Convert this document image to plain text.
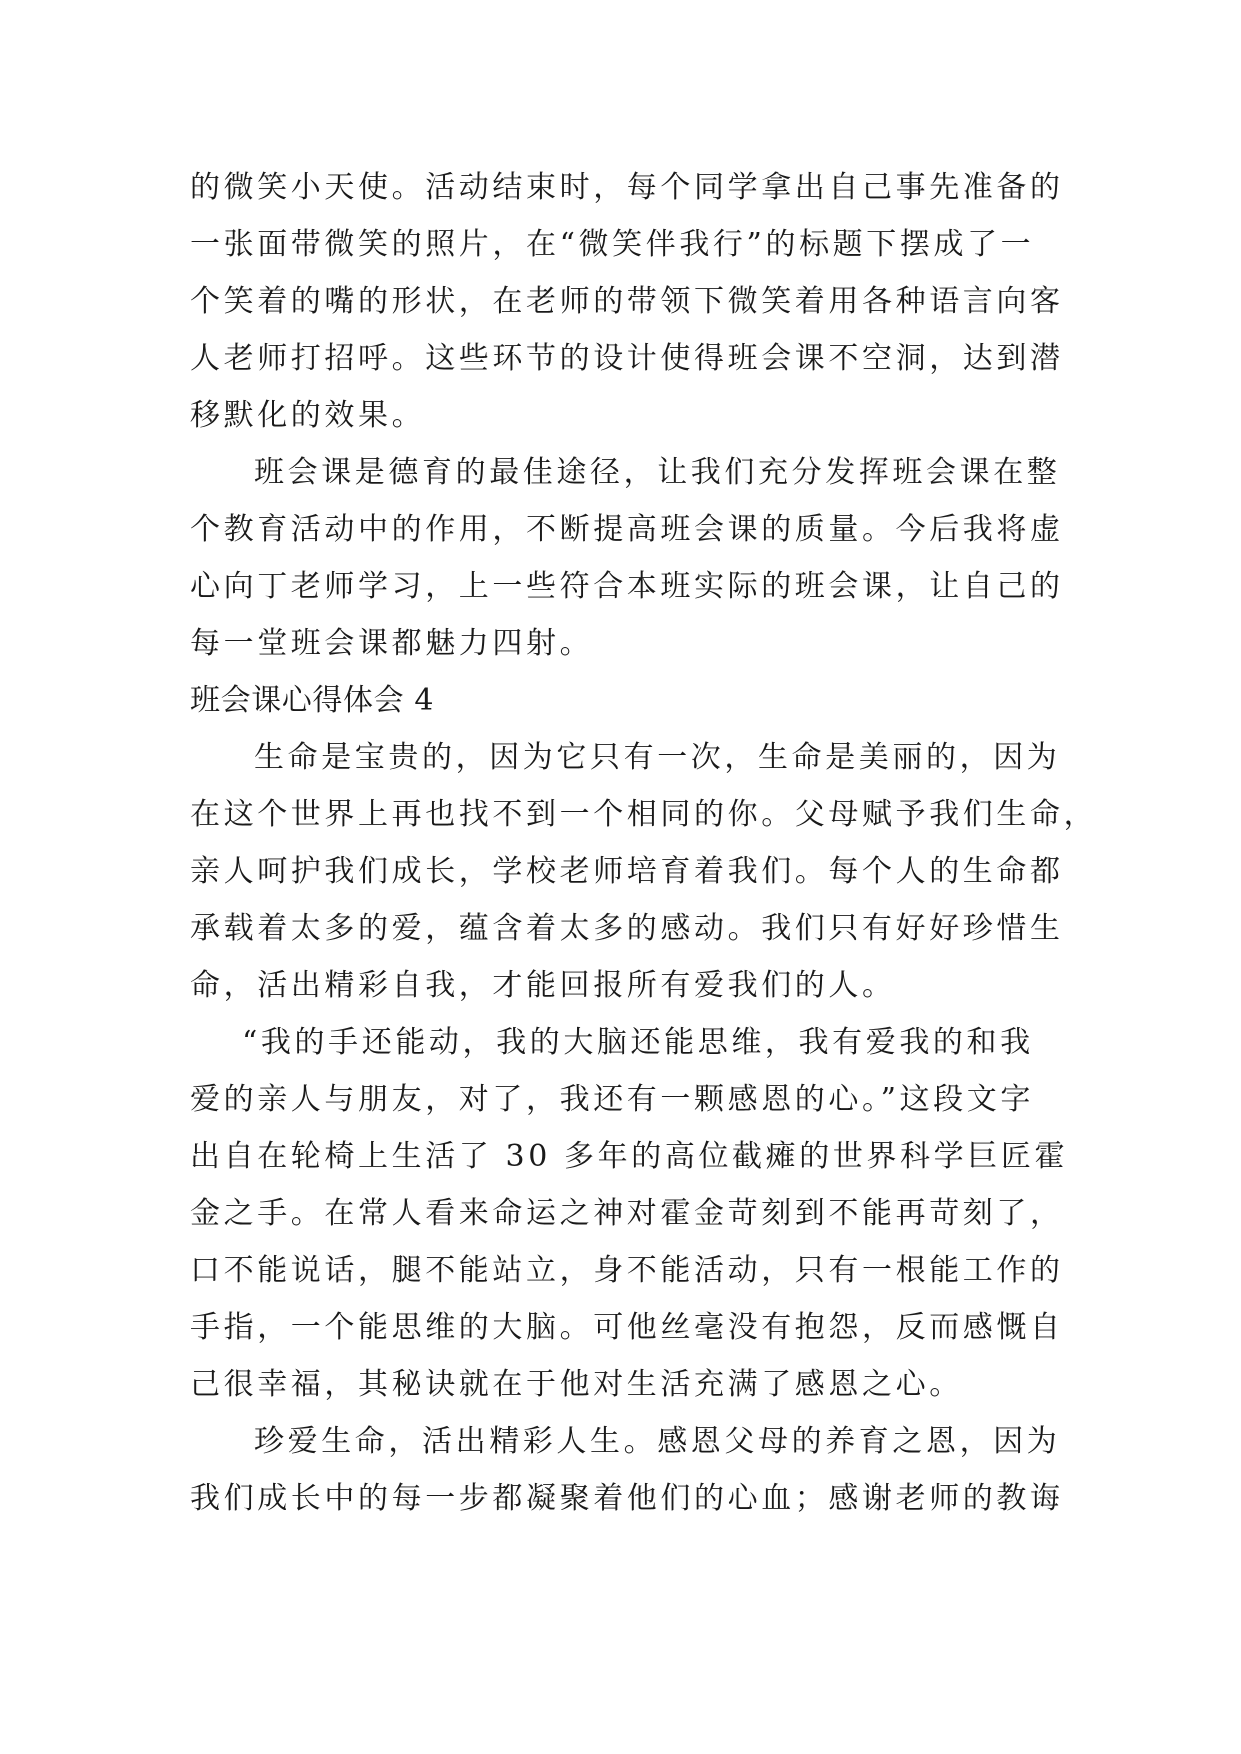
的微笑小天使。活动结束时，每个同学拿出自己事先准备的
一张面带微笑的照片，在“微笑伴我行”的标题下摆成了一
个笑着的嘴的形状，在老师的带领下微笑着用各种语言向客
人老师打招呼。这些环节的设计使得班会课不空洞，达到潜
移默化的效果。
班会课是德育的最佳途径，让我们充分发挥班会课在整
个教育活动中的作用，不断提高班会课的质量。今后我将虚
心向丁老师学习，上一些符合本班实际的班会课，让自己的
每一堂班会课都魅力四射。
班会课心得体会 4
生命是宝贵的，因为它只有一次，生命是美丽的，因为
在这个世界上再也找不到一个相同的你。父母赋予我们生命，
亲人呵护我们成长，学校老师培育着我们。每个人的生命都
承载着太多的爱，蕴含着太多的感动。我们只有好好珍惜生
命，活出精彩自我，才能回报所有爱我们的人。
“我的手还能动，我的大脑还能思维，我有爱我的和我
爱的亲人与朋友，对了，我还有一颗感恩的心。”这段文字
出自在轮椅上生活了 30 多年的高位截瘫的世界科学巨匠霍
金之手。在常人看来命运之神对霍金苛刻到不能再苛刻了，
口不能说话，腿不能站立，身不能活动，只有一根能工作的
手指，一个能思维的大脑。可他丝毫没有抱怨，反而感慨自
己很幸福，其秘诀就在于他对生活充满了感恩之心。
珍爱生命，活出精彩人生。感恩父母的养育之恩，因为
我们成长中的每一步都凝聚着他们的心血；感谢老师的教诲
